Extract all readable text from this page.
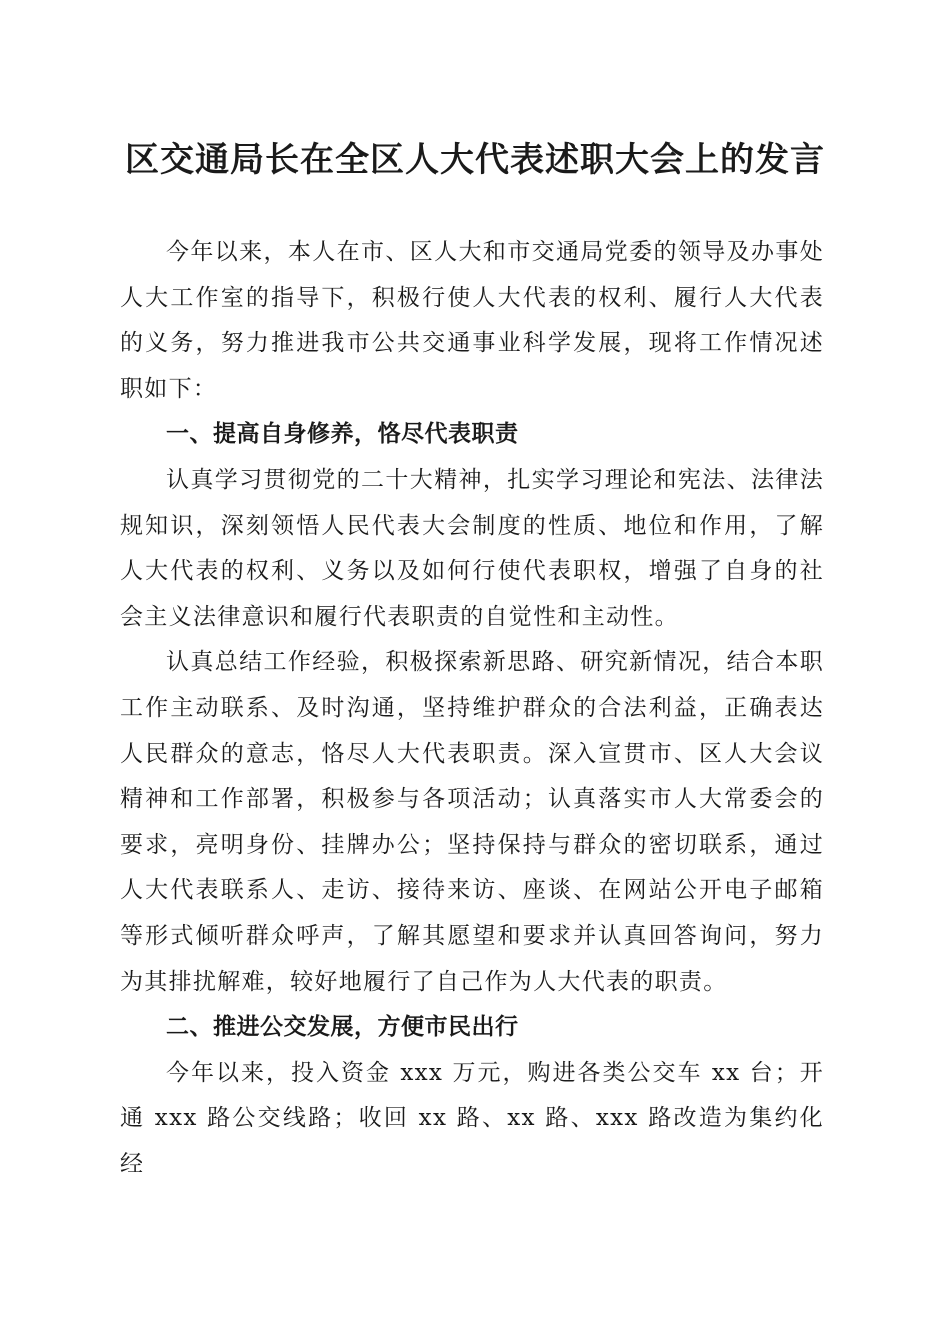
区交通局长在全区人大代表述职大会上的发言

今年以来，本人在市、区人大和市交通局党委的领导及办事处人大工作室的指导下，积极行使人大代表的权利、履行人大代表的义务，努力推进我市公共交通事业科学发展，现将工作情况述职如下：

一、提高自身修养，恪尽代表职责

认真学习贯彻党的二十大精神，扎实学习理论和宪法、法律法规知识，深刻领悟人民代表大会制度的性质、地位和作用，了解人大代表的权利、义务以及如何行使代表职权，增强了自身的社会主义法律意识和履行代表职责的自觉性和主动性。

认真总结工作经验，积极探索新思路、研究新情况，结合本职工作主动联系、及时沟通，坚持维护群众的合法利益，正确表达人民群众的意志，恪尽人大代表职责。深入宣贯市、区人大会议精神和工作部署，积极参与各项活动；认真落实市人大常委会的要求，亮明身份、挂牌办公；坚持保持与群众的密切联系，通过人大代表联系人、走访、接待来访、座谈、在网站公开电子邮箱等形式倾听群众呼声，了解其愿望和要求并认真回答询问，努力为其排扰解难，较好地履行了自己作为人大代表的职责。

二、推进公交发展，方便市民出行

今年以来，投入资金 xxx 万元，购进各类公交车 xx 台；开通 xxx 路公交线路；收回 xx 路、xx 路、xxx 路改造为集约化经
